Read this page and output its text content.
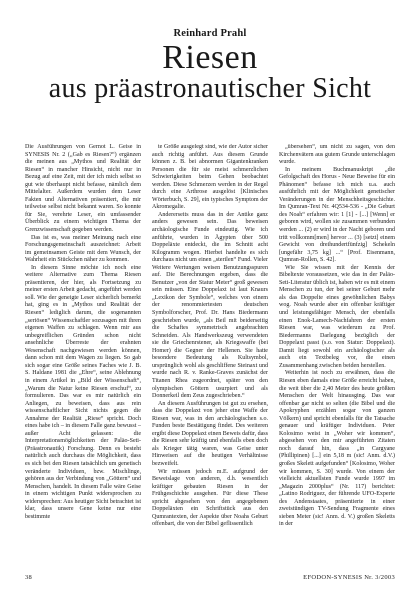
Reinhard Prahl
Riesen
aus präastronautischer Sicht

Die Ausführungen von Gernot L. Geise in SYNESIS Nr. 2 („Gab es Riesen?“) ergänzen die meinen aus „Mythos und Realität der Riesen“ in mancher Hinsicht, nicht nur in Bezug auf eine Zeit, mit der ich mich selbst so gut wie überhaupt nicht befasse, nämlich dem Mittelalter. Außerdem wurden dem Leser Fakten und Alternativen präsentiert, die mir teilweise selbst nicht bekannt waren. So konnte für Sie, verehrte Leser, ein umfassender Überblick zu einem wichtigen Thema der Grenzwissenschaft gegeben werden.

Das ist es, was meiner Meinung nach eine Forschungsgemeinschaft auszeichnet: Arbeit im gemeinsamen Geiste mit dem Wunsch, der Wahrheit ein Stückchen näher zu kommen.

In diesem Sinne möchte ich noch eine weitere Alternative zum Thema Riesen präsentieren, der hier, als Fortsetzung zu meiner ersten Arbeit gedacht, angeführt werden soll. Wie der geneigte Leser sicherlich bemerkt hat, ging es in „Mythos und Realität der Riesen“ lediglich darum, die sogenannten „seriösen“ Wissenschaftler sozusagen mit ihren eigenen Waffen zu schlagen. Wenn mir aus unbegreiflichen Gründen schon nicht ansehnliche Überreste der erahnten Wesenschaft nachgewiesen werden können, dann schon mit dem Wagen zu liegen. So gab sich sogar eine Größe seines Faches wie J. B. S. Haldane 1981 die „Ehre“, seine Ablehnung in einem Artikel in „Bild der Wissenschaft“, „Warum die Natur keine Riesen erschuf“, zu formulieren. Das war es mir natürlich ein Anliegen, zu beweisen, dass aus rein wissenschaftlicher Sicht nichts gegen die Annahme der Realität „Riese“ spricht. Doch eines habe ich – in diesem Falle ganz bewusst – außer Acht gelassen: die Interpretationsmöglichkeiten der Paläo-Seti- (Präastronautik) Forschung. Denn es besteht natürlich auch durchaus die Möglichkeit, dass es sich bei den Riesen tatsächlich um genetisch veränderte Individuen, bzw. Mischlinge, gehören aus der Verbindung von „Göttern“ und Menschen, handelt. In diesem Falle wäre Geise in einem wichtigen Punkt widersprochen zu widersprechen: Aus heutiger Sicht betrachtet ist klar, dass unsere Gene keine nur eine bestimmte

te Größe ausgelegt sind, wie der Autor sicher auch richtig anführt. Aus diesem Grunde können z. B. bei abnormen Gigantenkranken Personen die für sie meist schmerzlichen Schwierigkeiten beim Gehen beobachtet werden. Diese Schmerzen werden in der Regel durch eine Arthrose ausgelöst [Klinisches Wörterbuch, S. 29], ein typisches Symptom der Akromegalie.

Andererseits muss das in der Antike ganz anders gewesen sein. Das beweisen archäologische Funde eindeutig. Wie ich anführte, wurden in Ägypten über 500 Doppeläxte entdeckt, die im Schnitt acht Kilogramm wogen. Hierbei handelte es sich durchaus nicht um einen „sterilen“ Fund. Vieler Weitere Wertungen weisen Benutzungsspuren auf. Die Berechnungen ergeben, dass die Benutzer „von der Statur Meter“ groß gewesen sein müssen. Eine Doppelaxt ist laut Knaurs „Lexikon der Symbole“, welches von einem der renommiertesten deutschen Symbolforscher, Prof. Dr. Hans Biedermann geschrieben wurde, „als Beil mit beiderseitig die Schaftes symmetrisch angebrachten Schneiden. Als Handwerkszeug verwendeten sie die Griechenrstener, als Kriegswaffe (bei Homer) die Gegner der Hellenen. Sie hatte besondere Bedeutung als Kultsymbol, ursprünglich wohl als geschliffene Steinaxt und wurde nach R. v. Ranke-Graves zunächst der Titanen Rhea zugeordnet, später von den olympischen Göttern usurpiert und als Donnerkeil dem Zeus zugeschrieben.“

An diesem Ausführungen ist gut zu ersehen, dass die Doppelaxt von jeher eine Waffe der Riesen war, was in den archäologischen s.o. Funden beste Bestätigung findet. Des weiteren ergibt diese Doppelaxt einen Beweis dafür, dass die Riesen sehr kräftig und ebenfalls eben doch als Krieger tätig waren, was Geise unter Hinweisen auf die heutigen Verhältnisse bezweifelt.

Wir müssen jedoch m.E. aufgrund der Beweislage von anderen, d.h. wesentlich kräftiger gebauten Riesen in der Frühgeschichte ausgehen. Für diese These spricht abgesehen von den angegebenen Doppeläxten ein Schriftstück aus den Qumrantexten, der Aspekte über Noahs Geburt offenbart, die von der Bibel geflissentlich

„übersehen“, um nicht zu sagen, von den Kirchenvätern aus gutem Grunde unterschlagen wurde.

In meinem Buchmanuskript „die Gefolgschaft des Horus - Neue Beweise für ein Phänomen“ befasse ich mich u.a. auch ausführlich mit der Möglichkeit genetischer Veränderungen in der Menschheitsgeschichte. Im Qumran-Text Nr. 4Q534-536 - „Die Geburt des Noah“ erfahren wir: 1 [1] - [...] [Wenn] er geboren wird, wollen sie zusammen verbunden werden ... (2) er wird in der Nacht geboren und tritt vollkomm[men] hervor ... (3) [setzt] einem Gewicht von dreihundertfünfzig] Schekeln [ungefähr 3,75 kg] ...“ [Prof. Eisenmann, Qumran-Rollen, S. 42].

Wie Sie wissen mit der Kennis der Bibeltexte voraussetzen, wie das in der Paläo-Seti-Literatur üblich ist, haben wir es mit einem Menschen zu tun, der bei seiner Geburt mehr als das Doppelte eines gewöhnlichen Babys wog. Noah wurde aber ein offenbar kräftiger und leistungsfähiger Mensch, der ebenfalls einen Enok-Lamech-Nachfahren der ersten Riesen war, was wiederum zu Prof. Biedermanns Darlegung bezüglich der Doppelaxt passt (s.o. von Statur: Doppelaxt). Damit liegt sowohl ein archäologischer als auch ein Textbeleg vor, die einen Zusammenhang zwischen beiden herstellen.

Weiterhin ist noch zu erwähnen, dass die Riesen eben damals eine Größe erreicht haben, die weit über die 2,40 Meter des heute größten Menschen der Welt hinausging. Das war offenbar gar nicht so selten (die Bibel und die Apokryphen erzählen sogar von ganzen Völkern) und spricht ebenfalls für die Tatsache genauer und kräftiger Individuen. Peter Kolosimo weist in „Woher wir kommen“, abgesehen von den mir angeführten Zitaten noch darauf hin, dass „in Cargyane (Phillipinen) [...] ein 5,18 m (sic! Anm. d.V.) großes Skelett aufgefunden“ [Kolosimo, Woher wir kommen, S. 30] wurde. Von einem der vielleicht aktuellsten Funde wurde 1997 im „Magazin 2000plus“ (Nr. 117) berichtet: „Latino Rodriguez, der führende UFO-Experte des Andenstaates, präsentierte in einer zweistündigen TV-Sendung Fragmente eines sieben Meter (sic! Anm. d. V.) großen Skeletts in der

38	EFODON-SYNESIS Nr. 3/2003
